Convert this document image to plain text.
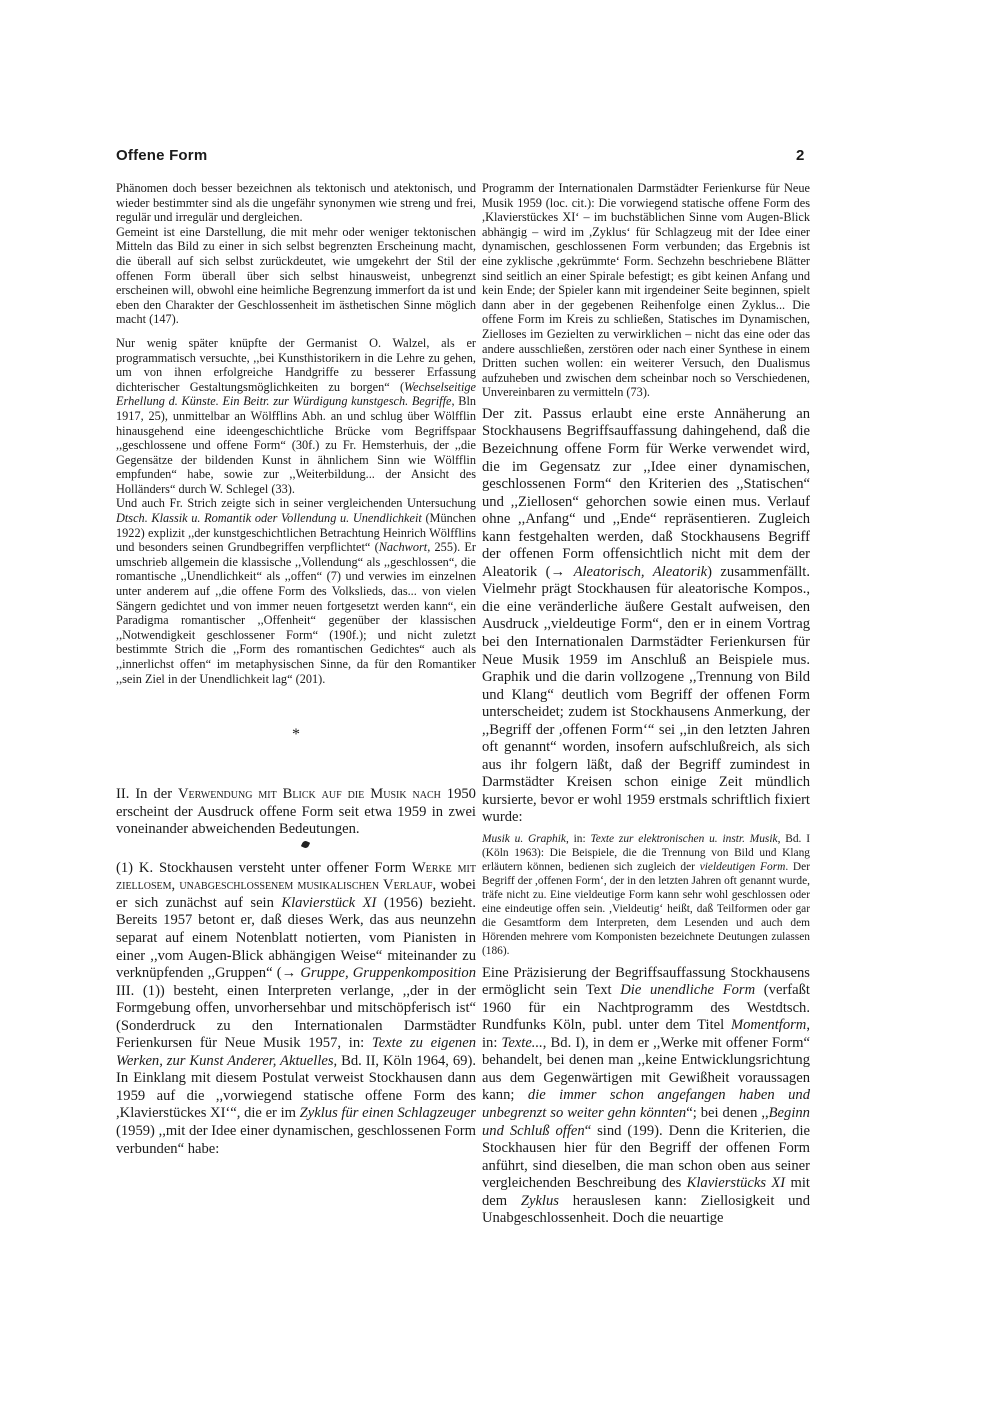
Offene Form	2

Phänomen doch besser bezeichnen als tektonisch und atektonisch, und wieder bestimmter sind als die ungefähr synonymen wie streng und frei, regulär und irregulär und dergleichen.

Gemeint ist eine Darstellung, die mit mehr oder weniger tektonischen Mitteln das Bild zu einer in sich selbst begrenzten Erscheinung macht, die überall auf sich selbst zurückdeutet, wie umgekehrt der Stil der offenen Form überall über sich selbst hinausweist, unbegrenzt erscheinen will, obwohl eine heimliche Begrenzung immerfort da ist und eben den Charakter der Geschlossenheit im ästhetischen Sinne möglich macht (147).

Nur wenig später knüpfte der Germanist O. Walzel, als er programmatisch versuchte, ,,bei Kunsthistorikern in die Lehre zu gehen, um von ihnen erfolgreiche Handgriffe zu besserer Erfassung dichterischer Gestaltungsmöglichkeiten zu borgen“ (Wechselseitige Erhellung d. Künste. Ein Beitr. zur Würdigung kunstgesch. Begriffe, Bln 1917, 25), unmittelbar an Wölfflins Abh. an und schlug über Wölfflin hinausgehend eine ideengeschichtliche Brücke vom Begriffspaar ,,geschlossene und offene Form“ (30f.) zu Fr. Hemsterhuis, der ,,die Gegensätze der bildenden Kunst in ähnlichem Sinn wie Wölfflin empfunden“ habe, sowie zur ,,Weiterbildung... der Ansicht des Holländers“ durch W. Schlegel (33).

Und auch Fr. Strich zeigte sich in seiner vergleichenden Untersuchung Dtsch. Klassik u. Romantik oder Vollendung u. Unendlichkeit (München 1922) explizit ,,der kunstgeschichtlichen Betrachtung Heinrich Wölfflins und besonders seinen Grundbegriffen verpflichtet“ (Nachwort, 255). Er umschrieb allgemein die klassische ,,Vollendung“ als ,,geschlossen“, die romantische ,,Unendlichkeit“ als ,,offen“ (7) und verwies im einzelnen unter anderem auf ,,die offene Form des Volkslieds, das... von vielen Sängern gedichtet und von immer neuen fortgesetzt werden kann“, ein Paradigma romantischer ,,Offenheit“ gegenüber der klassischen ,,Notwendigkeit geschlossener Form“ (190f.); und nicht zuletzt bestimmte Strich die ,,Form des romantischen Gedichtes“ auch als ,,innerlichst offen“ im metaphysischen Sinne, da für den Romantiker ,,sein Ziel in der Unendlichkeit lag“ (201).

*

II. In der Verwendung mit Blick auf die Musik nach 1950 erscheint der Ausdruck offene Form seit etwa 1959 in zwei voneinander abweichenden Bedeutungen.

(1) K. Stockhausen versteht unter offener Form Werke mit ziellosem, unabgeschlossenem musikalischen Verlauf, wobei er sich zunächst auf sein Klavierstück XI (1956) bezieht. Bereits 1957 betont er, daß dieses Werk, das aus neunzehn separat auf einem Notenblatt notierten, vom Pianisten in einer ,,vom Augen-Blick abhängigen Weise“ miteinander zu verknüpfenden ,,Gruppen“ (→ Gruppe, Gruppenkomposition III. (1)) besteht, einen Interpreten verlange, ,,der in der Formgebung offen, unvorhersehbar und mitschöpferisch ist“ (Sonderdruck zu den Internationalen Darmstädter Ferienkursen für Neue Musik 1957, in: Texte zu eigenen Werken, zur Kunst Anderer, Aktuelles, Bd. II, Köln 1964, 69). In Einklang mit diesem Postulat verweist Stockhausen dann 1959 auf die ,,vorwiegend statische offene Form des ,Klavierstückes XI‘“, die er im Zyklus für einen Schlagzeuger (1959) ,,mit der Idee einer dynamischen, geschlossenen Form verbunden“ habe:

Programm der Internationalen Darmstädter Ferienkurse für Neue Musik 1959 (loc. cit.): Die vorwiegend statische offene Form des ,Klavierstückes XI‘ – im buchstäblichen Sinne vom Augen-Blick abhängig – wird im ,Zyklus‘ für Schlagzeug mit der Idee einer dynamischen, geschlossenen Form verbunden; das Ergebnis ist eine zyklische ,gekrümmte‘ Form. Sechzehn beschriebene Blätter sind seitlich an einer Spirale befestigt; es gibt keinen Anfang und kein Ende; der Spieler kann mit irgendeiner Seite beginnen, spielt dann aber in der gegebenen Reihenfolge einen Zyklus... Die offene Form im Kreis zu schließen, Statisches im Dynamischen, Zielloses im Gezielten zu verwirklichen – nicht das eine oder das andere ausschließen, zerstören oder nach einer Synthese in einem Dritten suchen wollen: ein weiterer Versuch, den Dualismus aufzuheben und zwischen dem scheinbar noch so Verschiedenen, Unvereinbaren zu vermitteln (73).

Der zit. Passus erlaubt eine erste Annäherung an Stockhausens Begriffsauffassung dahingehend, daß die Bezeichnung offene Form für Werke verwendet wird, die im Gegensatz zur ,,Idee einer dynamischen, geschlossenen Form“ den Kriterien des ,,Statischen“ und ,,Ziellosen“ gehorchen sowie einen mus. Verlauf ohne ,,Anfang“ und ,,Ende“ repräsentieren. Zugleich kann festgehalten werden, daß Stockhausens Begriff der offenen Form offensichtlich nicht mit dem der Aleatorik (→ Aleatorisch, Aleatorik) zusammenfällt. Vielmehr prägt Stockhausen für aleatorische Kompos., die eine veränderliche äußere Gestalt aufweisen, den Ausdruck ,,vieldeutige Form“, den er in einem Vortrag bei den Internationalen Darmstädter Ferienkursen für Neue Musik 1959 im Anschluß an Beispiele mus. Graphik und die darin vollzogene ,,Trennung von Bild und Klang“ deutlich vom Begriff der offenen Form unterscheidet; zudem ist Stockhausens Anmerkung, der ,,Begriff der ,offenen Form‘“ sei ,,in den letzten Jahren oft genannt“ worden, insofern aufschlußreich, als sich aus ihr folgern läßt, daß der Begriff zumindest in Darmstädter Kreisen schon einige Zeit mündlich kursierte, bevor er wohl 1959 erstmals schriftlich fixiert wurde:

Musik u. Graphik, in: Texte zur elektronischen u. instr. Musik, Bd. I (Köln 1963): Die Beispiele, die die Trennung von Bild und Klang erläutern können, bedienen sich zugleich der vieldeutigen Form. Der Begriff der ,offenen Form‘, der in den letzten Jahren oft genannt wurde, träfe nicht zu. Eine vieldeutige Form kann sehr wohl geschlossen oder eine eindeutige offen sein. ,Vieldeutig‘ heißt, daß Teilformen oder gar die Gesamtform dem Interpreten, dem Lesenden und auch dem Hörenden mehrere vom Komponisten bezeichnete Deutungen zulassen (186).

Eine Präzisierung der Begriffsauffassung Stockhausens ermöglicht sein Text Die unendliche Form (verfaßt 1960 für ein Nachtprogramm des Westdtsch. Rundfunks Köln, publ. unter dem Titel Momentform, in: Texte..., Bd. I), in dem er ,,Werke mit offener Form“ behandelt, bei denen man ,,keine Entwicklungsrichtung aus dem Gegenwärtigen mit Gewißheit voraussagen kann; die immer schon angefangen haben und unbegrenzt so weiter gehn könnten“; bei denen ,,Beginn und Schluß offen“ sind (199). Denn die Kriterien, die Stockhausen hier für den Begriff der offenen Form anführt, sind dieselben, die man schon oben aus seiner vergleichenden Beschreibung des Klavierstücks XI mit dem Zyklus herauslesen kann: Ziellosigkeit und Unabgeschlossenheit. Doch die neuartige
